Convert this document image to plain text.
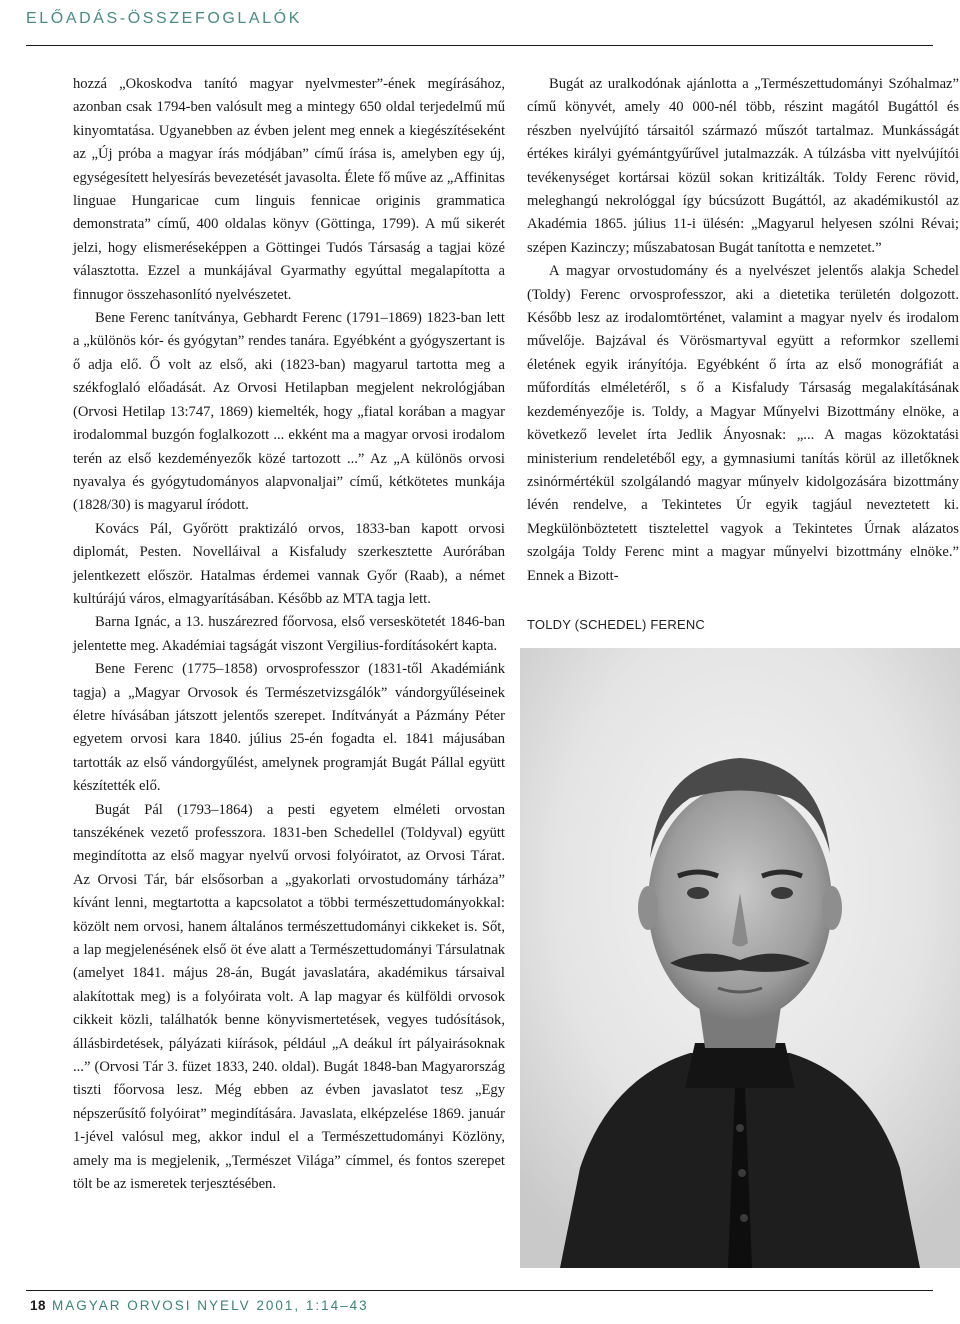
ELŐADÁS-ÖSSZEFOGLALÓK

hozzá „Okoskodva tanító magyar nyelvmester”-ének megírásához, azonban csak 1794-ben valósult meg a mintegy 650 oldal terjedelmű mű kinyomtatása. Ugyanebben az évben jelent meg ennek a kiegészítéseként az „Új próba a magyar írás módjában” című írása is, amelyben egy új, egységesített helyesírás bevezetését javasolta. Élete fő műve az „Affinitas linguae Hungaricae cum linguis fennicae originis grammatica demonstrata” című, 400 oldalas könyv (Göttinga, 1799). A mű sikerét jelzi, hogy elismeréseképpen a Göttingei Tudós Társaság a tagjai közé választotta. Ezzel a munkájával Gyarmathy egyúttal megalapította a finnugor összehasonlító nyelvészetet.

Bene Ferenc tanítványa, Gebhardt Ferenc (1791–1869) 1823-ban lett a „különös kór- és gyógytan” rendes tanára. Egyébként a gyógyszertant is ő adja elő. Ő volt az első, aki (1823-ban) magyarul tartotta meg a székfoglaló előadását. Az Orvosi Hetilapban megjelent nekrológjában (Orvosi Hetilap 13:747, 1869) kiemelték, hogy „fiatal korában a magyar irodalommal buzgón foglalkozott ... ekként ma a magyar orvosi irodalom terén az első kezdeményezők közé tartozott ...” Az „A különös orvosi nyavalya és gyógytudományos alapvonaljai” című, kétkötetes munkája (1828/30) is magyarul íródott.

Kovács Pál, Győrött praktizáló orvos, 1833-ban kapott orvosi diplomát, Pesten. Novelláival a Kisfaludy szerkesztette Aurórában jelentkezett először. Hatalmas érdemei vannak Győr (Raab), a német kultúrájú város, elmagyarításában. Később az MTA tagja lett.

Barna Ignác, a 13. huszárezred főorvosa, első verseskötetét 1846-ban jelentette meg. Akadémiai tagságát viszont Vergilius-fordításokért kapta.

Bene Ferenc (1775–1858) orvosprofesszor (1831-től Akadémiánk tagja) a „Magyar Orvosok és Természetvizsgálók” vándorgyűléseinek életre hívásában játszott jelentős szerepet. Indítványát a Pázmány Péter egyetem orvosi kara 1840. július 25-én fogadta el. 1841 májusában tartották az első vándorgyűlést, amelynek programját Bugát Pállal együtt készítették elő.

Bugát Pál (1793–1864) a pesti egyetem elméleti orvostan tanszékének vezető professzora. 1831-ben Schedellel (Toldyval) együtt megindította az első magyar nyelvű orvosi folyóiratot, az Orvosi Tárat. Az Orvosi Tár, bár elsősorban a „gyakorlati orvostudomány tárháza” kívánt lenni, megtartotta a kapcsolatot a többi természettudományokkal: közölt nem orvosi, hanem általános természettudományi cikkeket is. Sőt, a lap megjelenésének első öt éve alatt a Természettudományi Társulatnak (amelyet 1841. május 28-án, Bugát javaslatára, akadémikus társaival alakítottak meg) is a folyóirata volt. A lap magyar és külföldi orvosok cikkeit közli, találhatók benne könyvismertetések, vegyes tudósítások, állásbirdetések, pályázati kiírások, például „A deákul írt pályairásoknak ...” (Orvosi Tár 3. füzet 1833, 240. oldal). Bugát 1848-ban Magyarország tiszti főorvosa lesz. Még ebben az évben javaslatot tesz „Egy népszerűsítő folyóirat” megindítására. Javaslata, elképzelése 1869. január 1-jével valósul meg, akkor indul el a Természettudományi Közlöny, amely ma is megjelenik, „Természet Világa” címmel, és fontos szerepet tölt be az ismeretek terjesztésében.

Bugát az uralkodónak ajánlotta a „Természettudományi Szóhalmaz” című könyvét, amely 40 000-nél több, részint magától Bugáttól és részben nyelvújító társaitól származó műszót tartalmaz. Munkásságát értékes királyi gyémántgyűrűvel jutalmazzák. A túlzásba vitt nyelvújítói tevékenységet kortársai közül sokan kritizálták. Toldy Ferenc rövid, meleghangú nekrológgal így búcsúzott Bugáttól, az akadémikustól az Akadémia 1865. július 11-i ülésén: „Magyarul helyesen szólni Révai; szépen Kazinczy; műszabatosan Bugát tanította e nemzetet.”

A magyar orvostudomány és a nyelvészet jelentős alakja Schedel (Toldy) Ferenc orvosprofesszor, aki a dietetika területén dolgozott. Később lesz az irodalomtörténet, valamint a magyar nyelv és irodalom művelője. Bajzával és Vörösmartyval együtt a reformkor szellemi életének egyik irányítója. Egyébként ő írta az első monográfiát a műfordítás elméletéről, s ő a Kisfaludy Társaság megalakításának kezdeményezője is. Toldy, a Magyar Műnyelvi Bizottmány elnöke, a következő levelet írta Jedlik Ányosnak: „... A magas közoktatási ministerium rendeletéből egy, a gymnasiumi tanítás körül az illetőknek zsinórmértékül szolgálandó magyar műnyelv kidolgozására bizottmány lévén rendelve, a Tekintetes Úr egyik tagjául neveztetett ki. Megkülönböztetett tisztelettel vagyok a Tekintetes Úrnak alázatos szolgája Toldy Ferenc mint a magyar műnyelvi bizottmány elnöke.” Ennek a Bizott-

TOLDY (SCHEDEL) FERENC
18 MAGYAR ORVOSI NYELV 2001, 1:14–43
